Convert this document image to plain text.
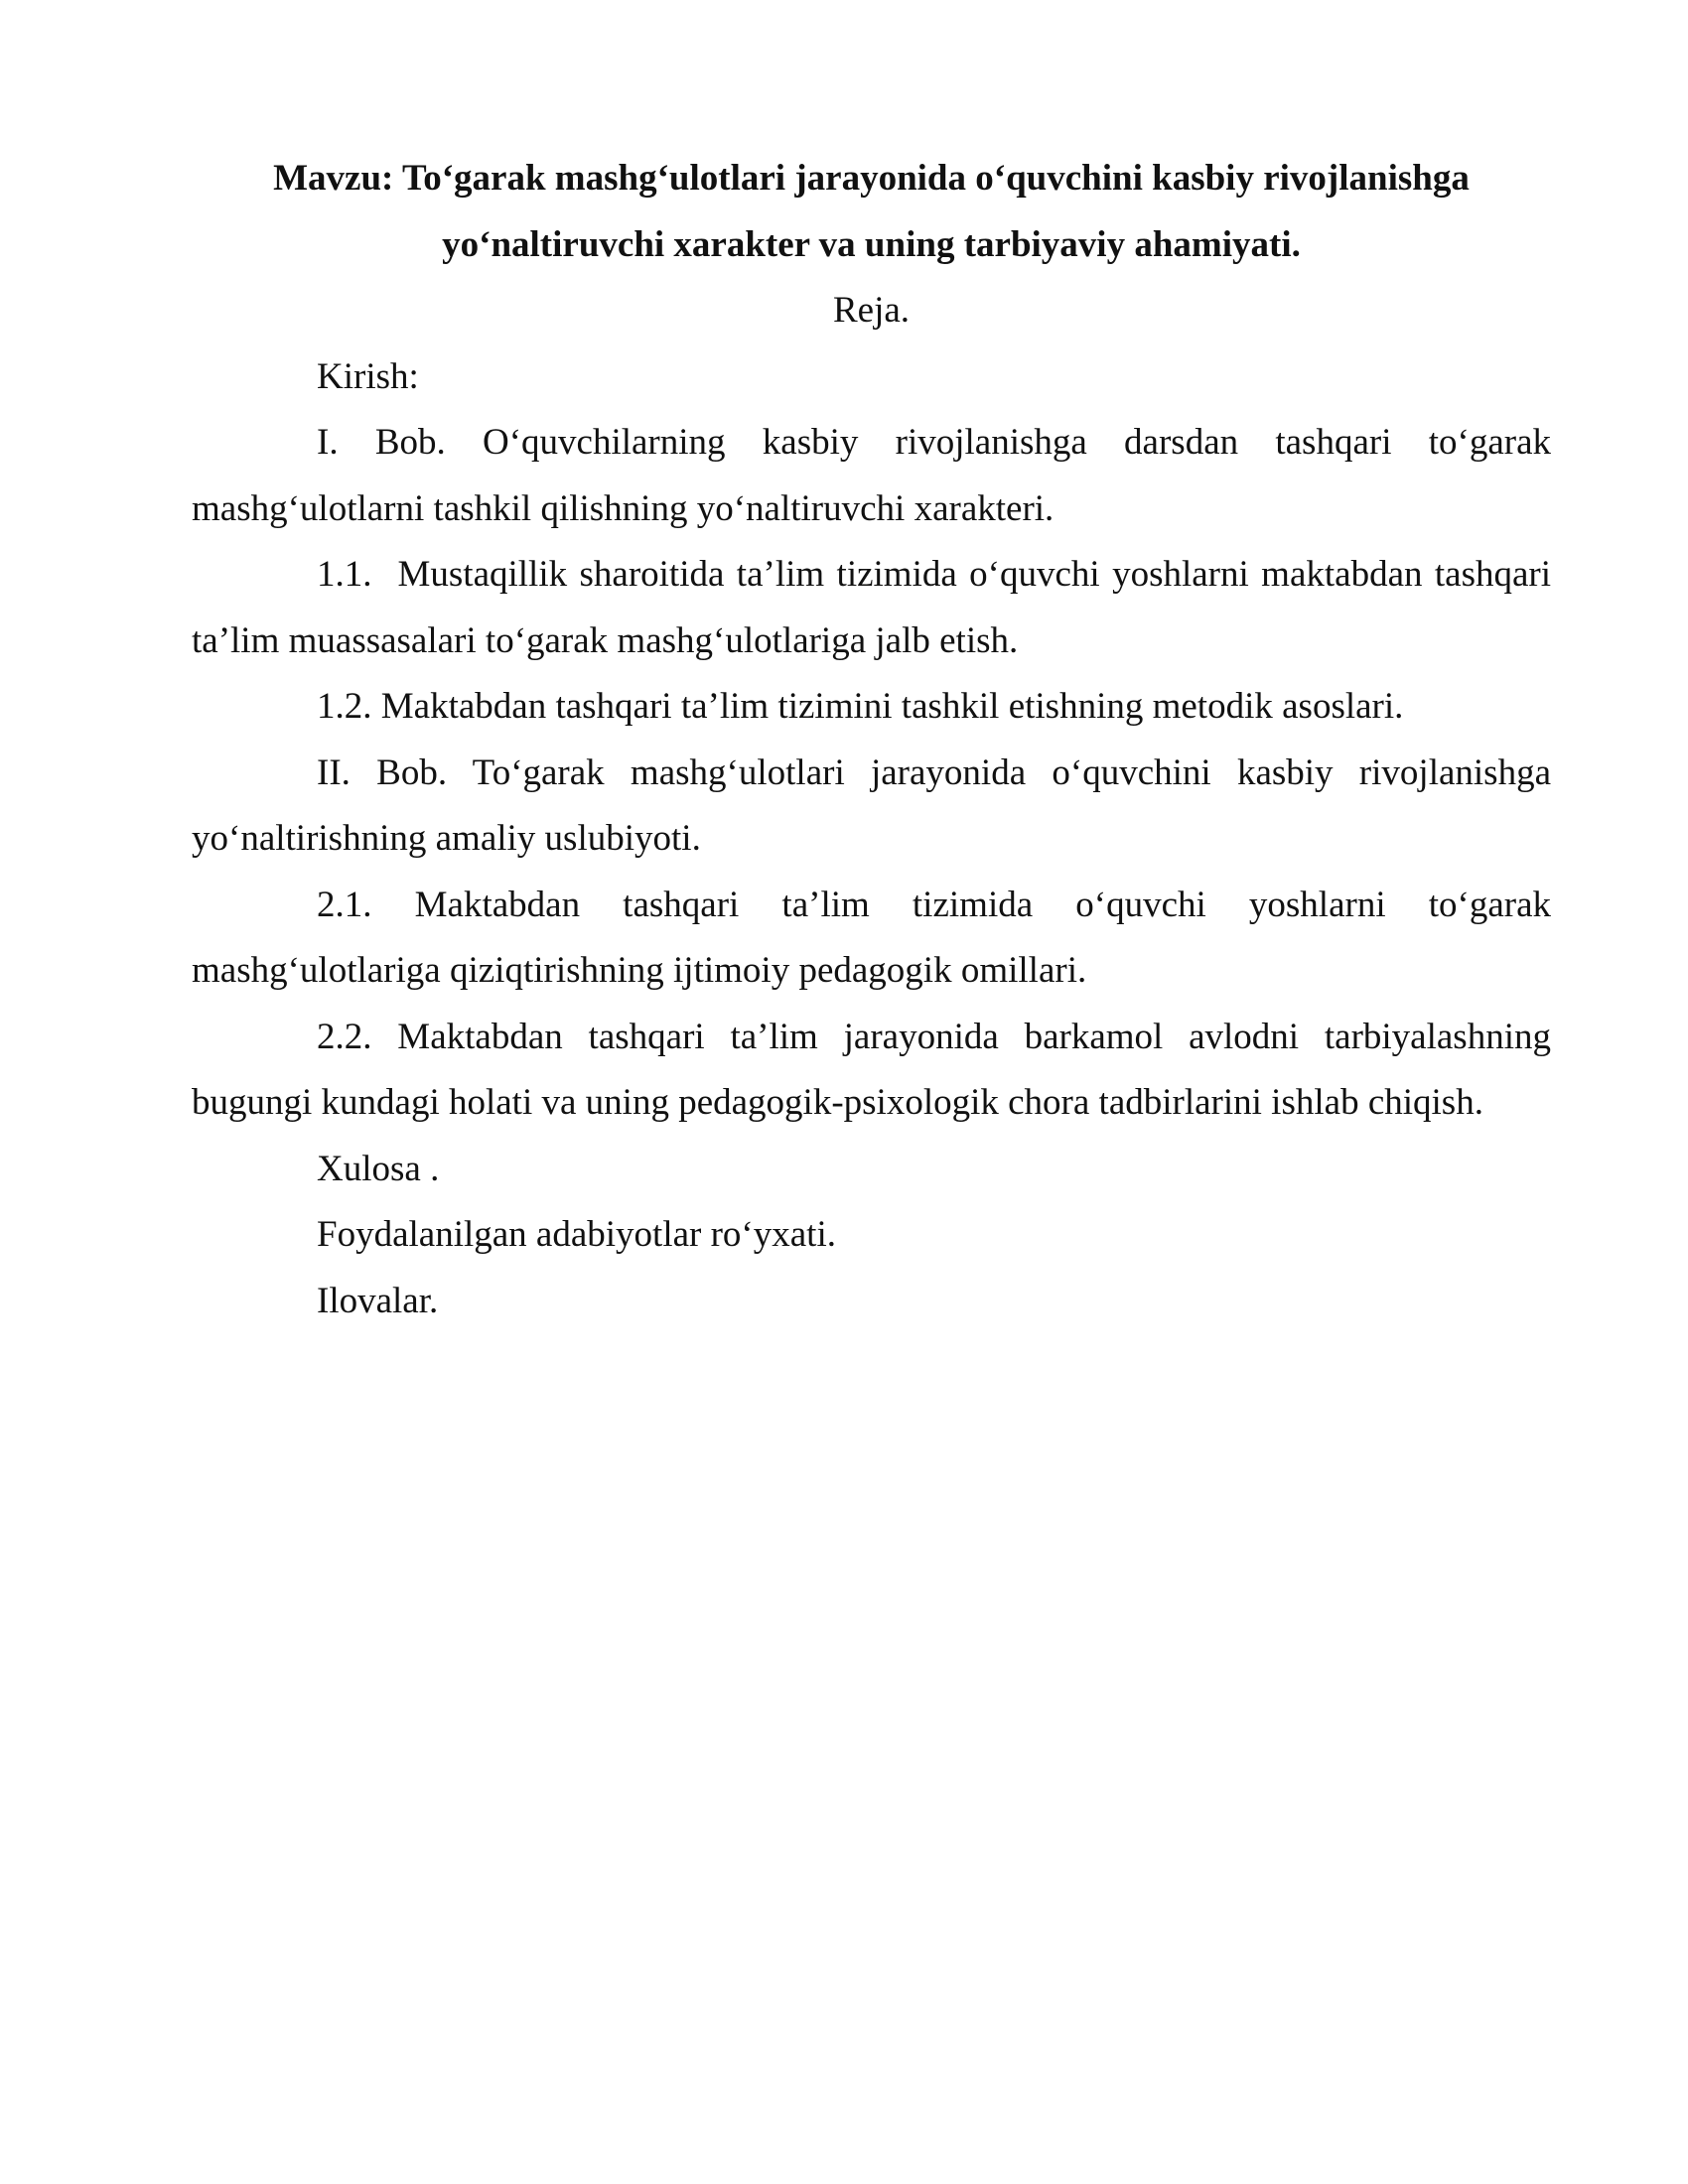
Mavzu: To‘garak mashg‘ulotlari jarayonida o‘quvchini kasbiy rivojlanishga
yo‘naltiruvchi xarakter va uning tarbiyaviy ahamiyati.
Reja.

Kirish:

I. Bob. O‘quvchilarning kasbiy rivojlanishga darsdan tashqari to‘garak mashg‘ulotlarni tashkil qilishning yo‘naltiruvchi xarakteri.

1.1. Mustaqillik sharoitida ta’lim tizimida o‘quvchi yoshlarni maktabdan tashqari ta’lim muassasalari to‘garak mashg‘ulotlariga jalb etish.

1.2. Maktabdan tashqari ta’lim tizimini tashkil etishning metodik asoslari.

II. Bob. To‘garak mashg‘ulotlari jarayonida o‘quvchini kasbiy rivojlanishga yo‘naltirishning amaliy uslubiyoti.

2.1. Maktabdan tashqari ta’lim tizimida o‘quvchi yoshlarni to‘garak mashg‘ulotlariga qiziqtirishning ijtimoiy pedagogik omillari.

2.2. Maktabdan tashqari ta’lim jarayonida barkamol avlodni tarbiyalashning bugungi kundagi holati va uning pedagogik-psixologik chora tadbirlarini ishlab chiqish.

Xulosa .

Foydalanilgan adabiyotlar ro‘yxati.

Ilovalar.
